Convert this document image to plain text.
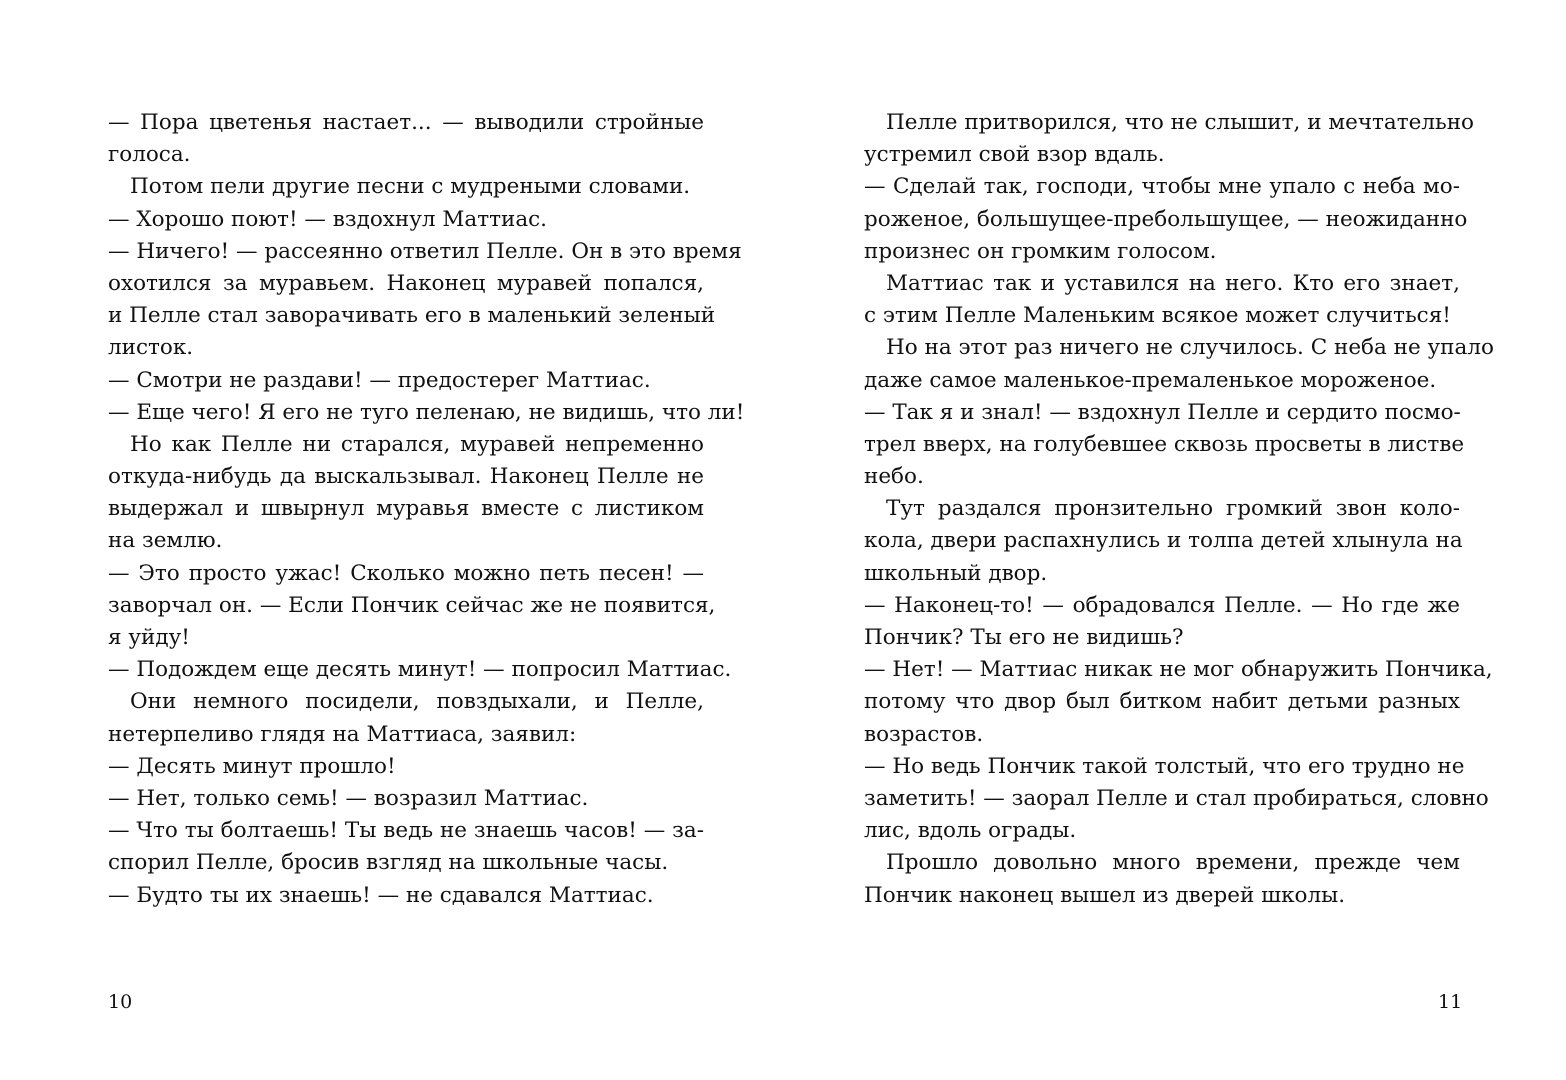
— Пора цветенья настает... — выводили стройные
голоса.
Потом пели другие песни с мудреными словами.
— Хорошо поют! — вздохнул Маттиас.
— Ничего! — рассеянно ответил Пелле. Он в это время
охотился за муравьем. Наконец муравей попался,
и Пелле стал заворачивать его в маленький зеленый
листок.
— Смотри не раздави! — предостерег Маттиас.
— Еще чего! Я его не туго пеленаю, не видишь, что ли!
Но как Пелле ни старался, муравей непременно
откуда-нибудь да выскальзывал. Наконец Пелле не
выдержал и швырнул муравья вместе с листиком
на землю.
— Это просто ужас! Сколько можно петь песен! —
заворчал он. — Если Пончик сейчас же не появится,
я уйду!
— Подождем еще десять минут! — попросил Маттиас.
Они немного посидели, повздыхали, и Пелле,
нетерпеливо глядя на Маттиаса, заявил:
— Десять минут прошло!
— Нет, только семь! — возразил Маттиас.
— Что ты болтаешь! Ты ведь не знаешь часов! — за-
спорил Пелле, бросив взгляд на школьные часы.
— Будто ты их знаешь! — не сдавался Маттиас.
Пелле притворился, что не слышит, и мечтательно
устремил свой взор вдаль.
— Сделай так, господи, чтобы мне упало с неба мо-
роженое, большущее-пребольшущее, — неожиданно
произнес он громким голосом.
Маттиас так и уставился на него. Кто его знает,
с этим Пелле Маленьким всякое может случиться!
Но на этот раз ничего не случилось. С неба не упало
даже самое маленькое-премаленькое мороженое.
— Так я и знал! — вздохнул Пелле и сердито посмо-
трел вверх, на голубевшее сквозь просветы в листве
небо.
Тут раздался пронзительно громкий звон коло-
кола, двери распахнулись и толпа детей хлынула на
школьный двор.
— Наконец-то! — обрадовался Пелле. — Но где же
Пончик? Ты его не видишь?
— Нет! — Маттиас никак не мог обнаружить Пончика,
потому что двор был битком набит детьми разных
возрастов.
— Но ведь Пончик такой толстый, что его трудно не
заметить! — заорал Пелле и стал пробираться, словно
лис, вдоль ограды.
Прошло довольно много времени, прежде чем
Пончик наконец вышел из дверей школы.
10	11
